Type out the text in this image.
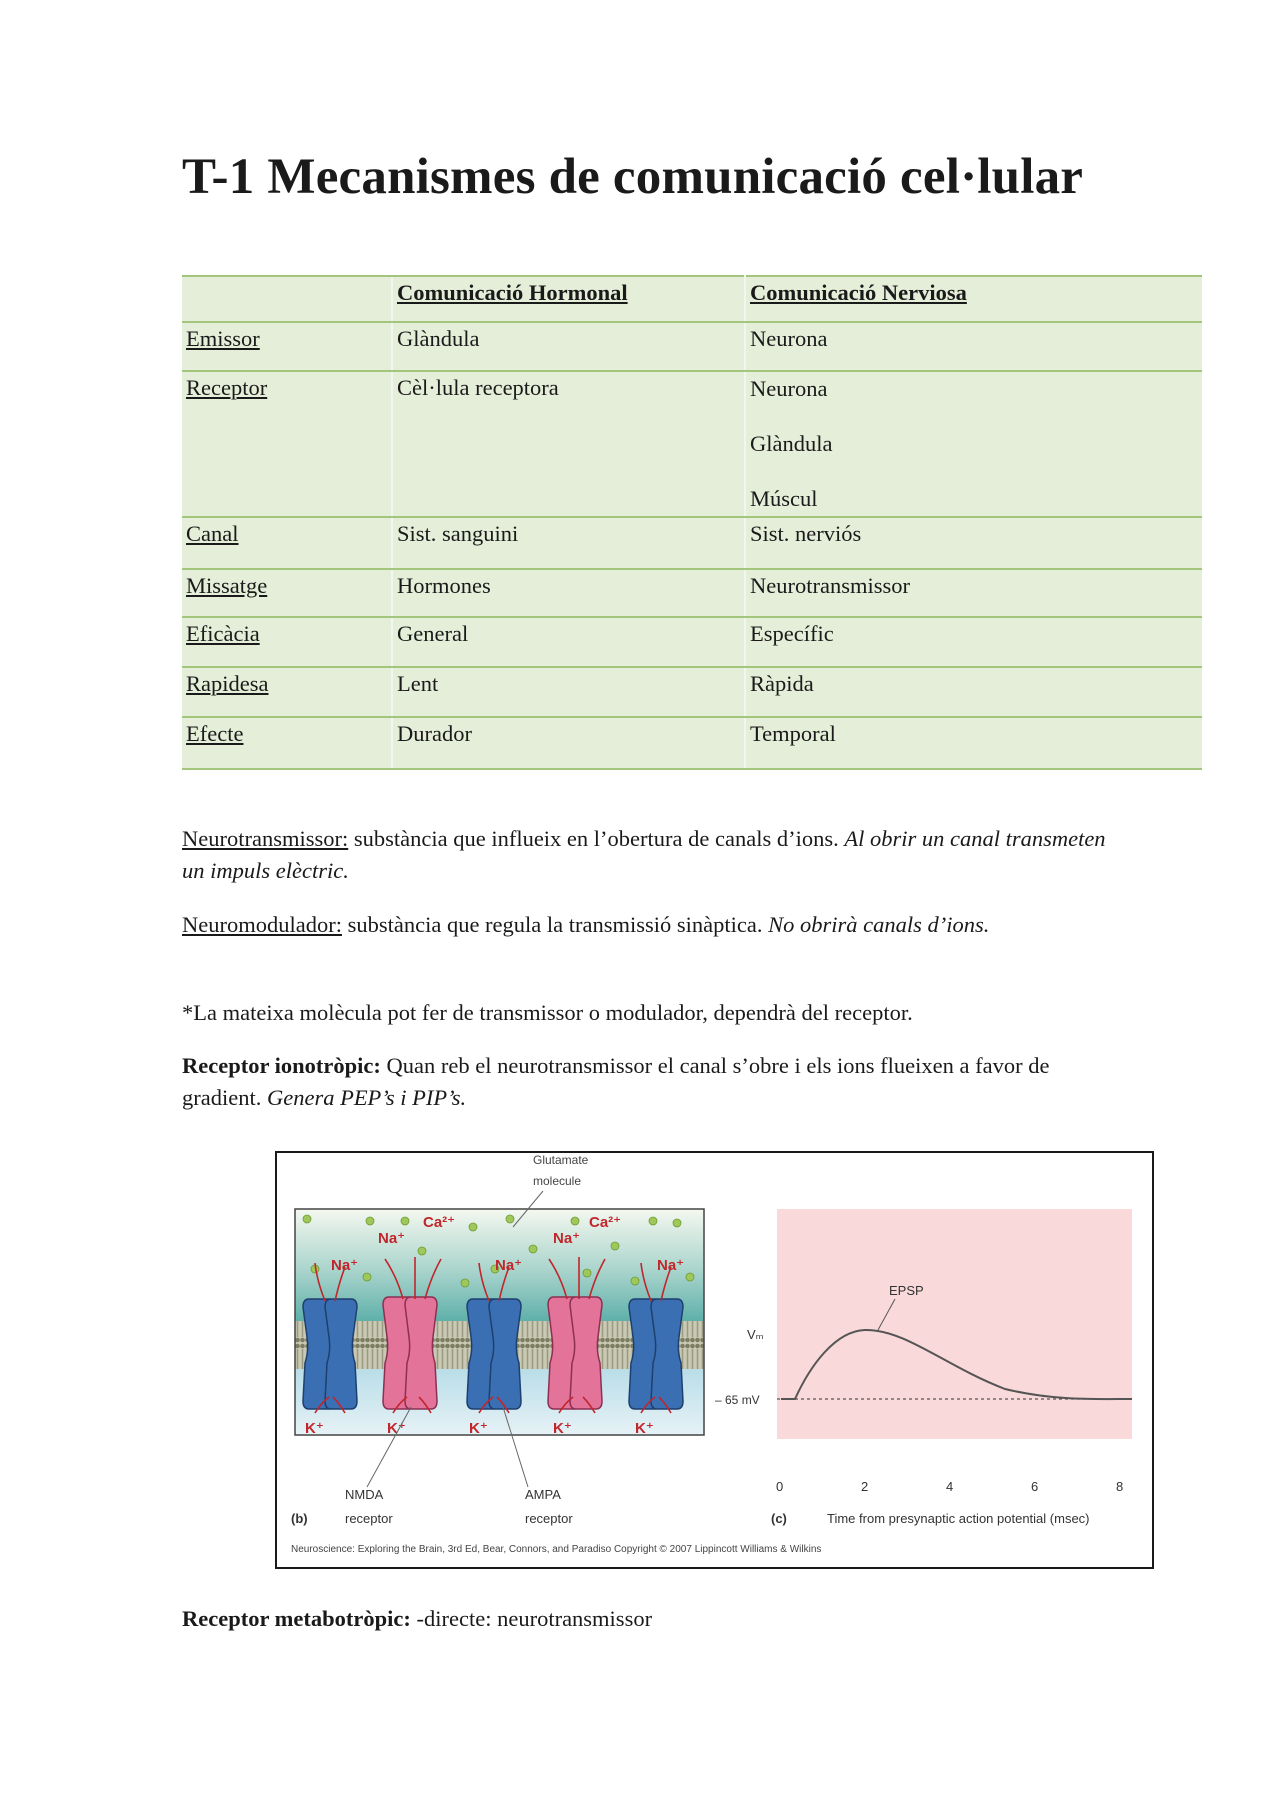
T-1 Mecanismes de comunicació cel·lular
	Comunicació Hormonal	Comunicació Nerviosa
Emissor	Glàndula	Neurona
Receptor	Cèl·lula receptora	Neurona
Glàndula
Múscul

Canal	Sist. sanguini	Sist. nerviós
Missatge	Hormones	Neurotransmissor
Eficàcia	General	Específic
Rapidesa	Lent	Ràpida
Efecte	Durador	Temporal

Neurotransmissor: substància que influeix en l’obertura de canals d’ions. Al obrir un canal transmeten un impuls elèctric.

Neuromodulador: substància que regula la transmissió sinàptica. No obrirà canals d’ions.

*La mateixa molècula pot fer de transmissor o modulador, dependrà del receptor.

Receptor ionotròpic: Quan reb el neurotransmissor el canal s’obre i els ions flueixen a favor de gradient. Genera PEP’s i PIP’s.

Na⁺
Na⁺
Ca²⁺
Na⁺
Na⁺
Ca²⁺
Na⁺
K⁺	K⁺	K⁺	K⁺	K⁺
Glutamate
molecule
NMDA
receptor
AMPA
receptor
(b)
EPSP
Vₘ
– 65 mV
0	2	4	6	8
(c)	Time from presynaptic action potential (msec)
Neuroscience: Exploring the Brain, 3rd Ed, Bear, Connors, and Paradiso Copyright © 2007 Lippincott Williams & Wilkins

Receptor metabotròpic: -directe: neurotransmissor
